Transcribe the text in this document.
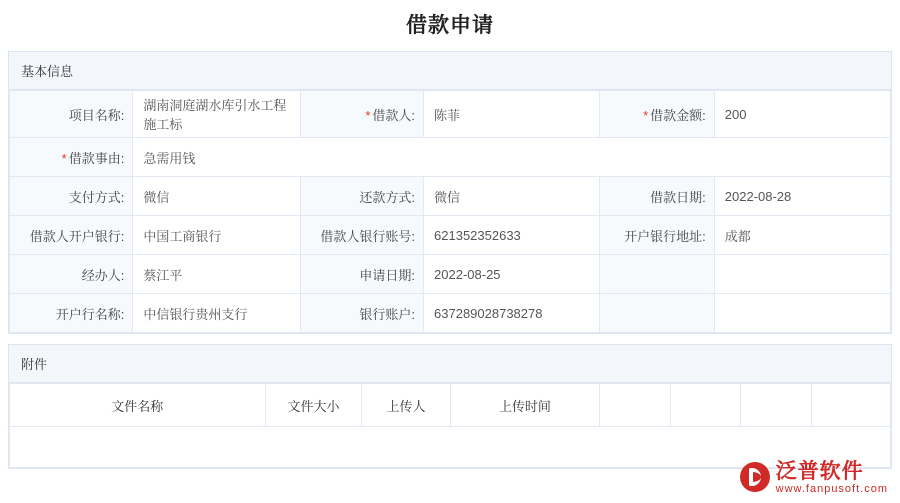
借款申请
基本信息
项目名称:	湖南洞庭湖水库引水工程施工标	* 借款人:	陈菲	* 借款金额:	200
* 借款事由:	急需用钱				
支付方式:	微信	还款方式:	微信	借款日期:	2022-08-28
借款人开户银行:	中国工商银行	借款人银行账号:	621352352633	开户银行地址:	成都
经办人:	蔡江平	申请日期:	2022-08-25		
开户行名称:	中信银行贵州支行	银行账户:	637289028738278		
附件
文件名称	文件大小	上传人	上传时间				

泛普软件
www.fanpusoft.com
